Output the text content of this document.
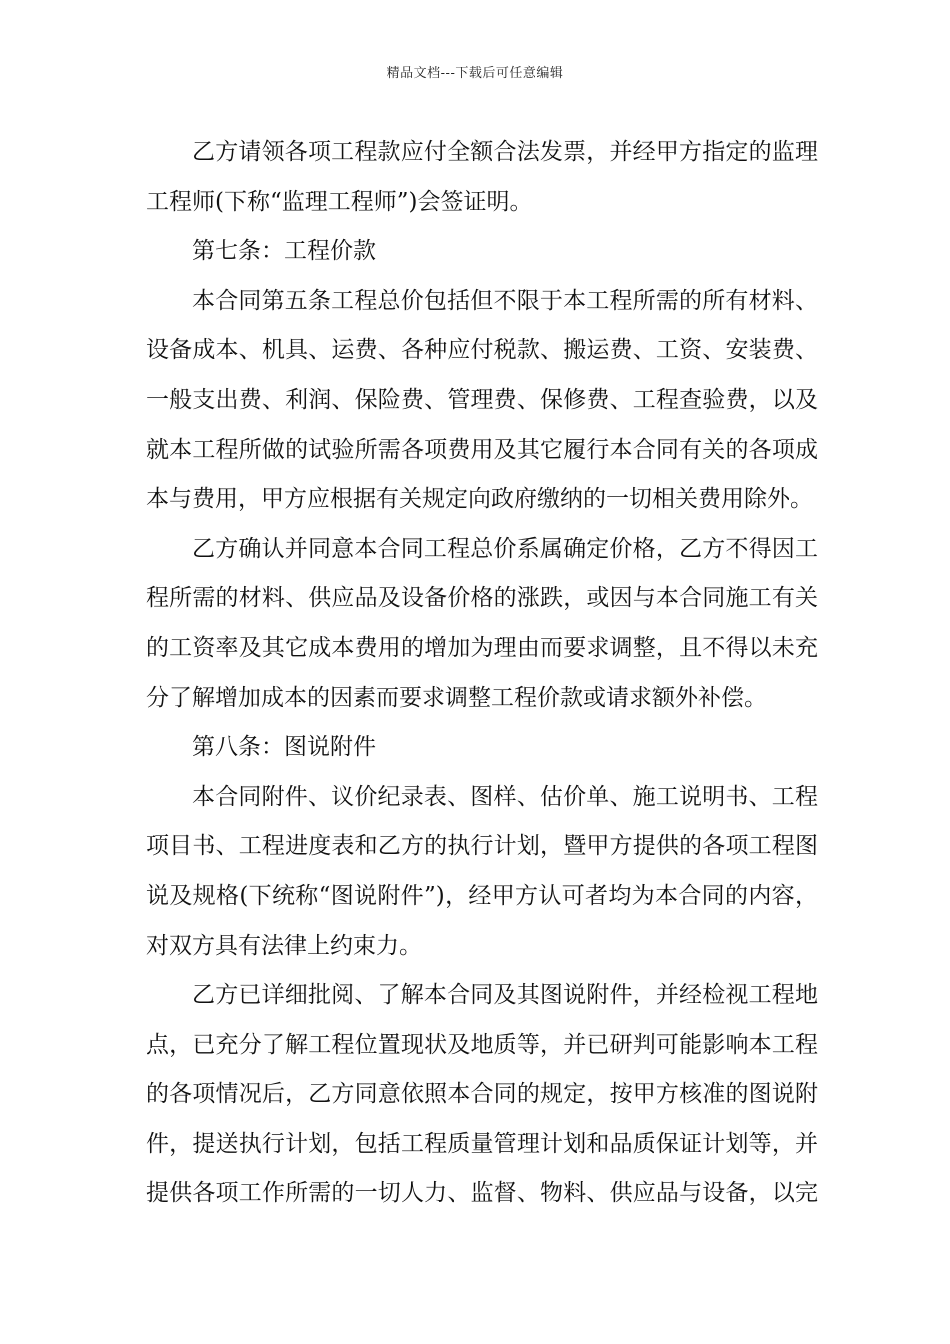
精品文档---下载后可任意编辑
乙方请领各项工程款应付全额合法发票，并经甲方指定的监理
工程师(下称“监理工程师”)会签证明。
第七条：工程价款
本合同第五条工程总价包括但不限于本工程所需的所有材料、
设备成本、机具、运费、各种应付税款、搬运费、工资、安装费、
一般支出费、利润、保险费、管理费、保修费、工程查验费，以及
就本工程所做的试验所需各项费用及其它履行本合同有关的各项成
本与费用，甲方应根据有关规定向政府缴纳的一切相关费用除外。
乙方确认并同意本合同工程总价系属确定价格，乙方不得因工
程所需的材料、供应品及设备价格的涨跌，或因与本合同施工有关
的工资率及其它成本费用的增加为理由而要求调整，且不得以未充
分了解增加成本的因素而要求调整工程价款或请求额外补偿。
第八条：图说附件
本合同附件、议价纪录表、图样、估价单、施工说明书、工程
项目书、工程进度表和乙方的执行计划，暨甲方提供的各项工程图
说及规格(下统称“图说附件”)，经甲方认可者均为本合同的内容，
对双方具有法律上约束力。
乙方已详细批阅、了解本合同及其图说附件，并经检视工程地
点，已充分了解工程位置现状及地质等，并已研判可能影响本工程
的各项情况后，乙方同意依照本合同的规定，按甲方核准的图说附
件，提送执行计划，包括工程质量管理计划和品质保证计划等，并
提供各项工作所需的一切人力、监督、物料、供应品与设备，以完
